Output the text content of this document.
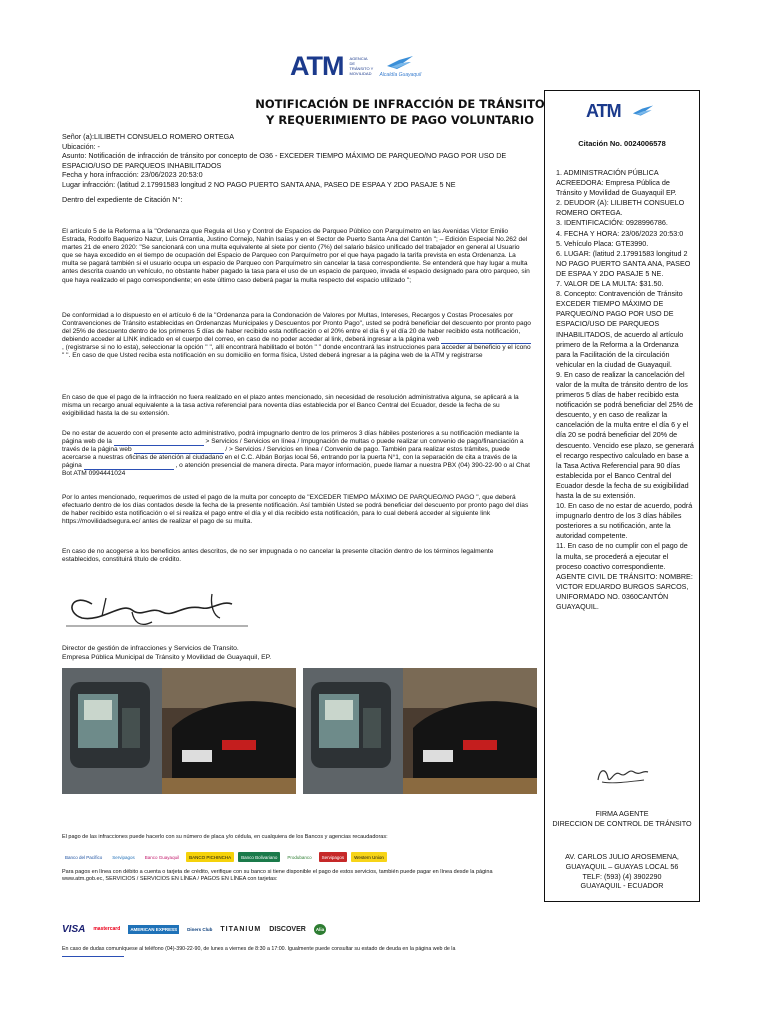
ATM AGENCIA DE TRÁNSITO Y MOVILIDAD	Alcaldía Guayaquil
NOTIFICACIÓN DE INFRACCIÓN DE TRÁNSITO
Y REQUERIMIENTO DE PAGO VOLUNTARIO
Señor (a):LILIBETH CONSUELO ROMERO ORTEGA
Ubicación: -
Asunto: Notificación de infracción de tránsito por concepto de O36 - EXCEDER TIEMPO MÁXIMO DE PARQUEO/NO PAGO POR USO DE ESPACIO/USO DE PARQUEOS INHABILITADOS
Fecha y hora infracción: 23/06/2023 20:53:0
Lugar infracción: (latitud 2.17991583 longitud 2 NO PAGO PUERTO SANTA ANA, PASEO DE ESPAA Y 2DO PASAJE 5 NE
Dentro del expediente de Citación N°:
El artículo 5 de la Reforma a la "Ordenanza que Regula el Uso y Control de Espacios de Parqueo Público con Parquímetro en las Avenidas Víctor Emilio Estrada, Rodolfo Baquerizo Nazur, Luis Orrantia, Justino Cornejo, Nahín Isaías y en el Sector de Puerto Santa Ana del Cantón "; – Edición Especial No.262 del martes 21 de enero 2020: "Se sancionará con una multa equivalente al siete por ciento (7%) del salario básico unificado del trabajador en general al Usuario que se haya excedido en el tiempo de ocupación del Espacio de Parqueo con Parquímetro por el que haya pagado la tarifa prevista en esta Ordenanza. La multa se pagará también si el usuario ocupa un espacio de Parqueo con Parquímetro sin cancelar la tasa correspondiente. Se entenderá que hay lugar a multa antes descrita cuando un vehículo, no obstante haber pagado la tasa para el uso de un espacio de parqueo, invada el espacio designado para otro parqueo, sin que haya realizado el pago correspondiente; en este último caso deberá pagar la multa respecto del espacio utilizado ";
De conformidad a lo dispuesto en el artículo 6 de la "Ordenanza para la Condonación de Valores por Multas, Intereses, Recargos y Costas Procesales por Contravenciones de Tránsito establecidas en Ordenanzas Municipales y Descuentos por Pronto Pago", usted se podrá beneficiar del descuento por pronto pago del 25% de descuento dentro de los primeros 5 días de haber recibido esta notificación o el 20% entre el día 6 y el día 20 de haber recibido esta notificación, debiendo acceder al LINK indicado en el cuerpo del correo, en caso de no poder acceder al link, deberá ingresar a la página web  , (registrarse si no lo esta), seleccionar la opción " ", allí encontrará habilitado el botón " " donde encontrará las instrucciones para acceder al beneficio y el ícono " ". En caso de que Usted reciba esta notificación en su domicilio en forma física, Usted deberá ingresar a la página web de la ATM y registrarse
En caso de que el pago de la infracción no fuera realizado en el plazo antes mencionado, sin necesidad de resolución administrativa alguna, se aplicará a la misma un recargo anual equivalente a la tasa activa referencial para noventa días establecida por el Banco Central del Ecuador, desde la fecha de su exigibilidad hasta la de su extensión.
De no estar de acuerdo con el presente acto administrativo, podrá impugnarlo dentro de los primeros 3 días hábiles posteriores a su notificación mediante la página web de la	> Servicios / Servicios en línea / Impugnación de multas o puede realizar un convenio de pago/financiación a través de la página web	/ > Servicios / Servicios en línea / Convenio de pago. También para realizar estos trámites, puede acercarse a nuestras oficinas de atención al ciudadano en el C.C. Albán Borjas local 56, entrando por la puerta N°1, con la separación de cita a través de la página	, o atención presencial de manera directa. Para mayor información, puede llamar a nuestra PBX (04) 390-22-90 o al Chat Bot ATM 0994441024
Por lo antes mencionado, requerimos de usted el pago de la multa por concepto de "EXCEDER TIEMPO MÁXIMO DE PARQUEO/NO PAGO ", que deberá efectuarlo dentro de los días contados desde la fecha de la presente notificación. Así también Usted se podrá beneficiar del descuento por pronto pago del días de haber recibido esta notificación o el si realiza el pago entre el día y el día recibido esta notificación, para lo cual deberá acceder al siguiente link https://movilidadsegura.ec/ antes de realizar el pago de su multa.
En caso de no acogerse a los beneficios antes descritos, de no ser impugnada o no cancelar la presente citación dentro de los términos legalmente establecidos, constituirá título de crédito.
Director de gestión de infracciones y Servicios de Transito.
Empresa Pública Municipal de Tránsito y Movilidad de Guayaquil, EP.
El pago de las infracciones puede hacerlo con su número de placa y/o cédula, en cualquiera de los Bancos y agencias recaudadoras:
Banco del Pacífico	Servipagos	Banco Guayaquil	BANCO PICHINCHA	Banco Bolivariano	Produbanco	Servipagos	Western Union
Para pagos en línea con débito a cuenta o tarjeta de crédito, verifique con su banco si tiene disponible el pago de estos servicios, también puede pagar en línea desde la página www.atm.gob.ec, SERVICIOS / SERVICIOS EN LÍNEA / PAGOS EN LÍNEA con tarjetas:
VISA mastercard	AMERICAN EXPRESS	Diners Club TITANIUM DISCOVER	Alia
En caso de dudas comuníquese al teléfono (04)-390-22-90, de lunes a viernes de 8:30 a 17:00. Igualmente puede consultar su estado de deuda en la página web de la
ATM
Citación No. 0024006578
1. ADMINISTRACIÓN PÚBLICA ACREEDORA: Empresa Pública de Tránsito y Movilidad de Guayaquil EP.
2. DEUDOR (A): LILIBETH CONSUELO ROMERO ORTEGA.
3. IDENTIFICACIÓN: 0928996786.
4. FECHA Y HORA: 23/06/2023 20:53:0
5. Vehículo Placa: GTE3990.
6. LUGAR: (latitud 2.17991583 longitud 2 NO PAGO PUERTO SANTA ANA, PASEO DE ESPAA Y 2DO PASAJE 5 NE.
7. VALOR DE LA MULTA: $31.50.
8. Concepto: Contravención de Tránsito EXCEDER TIEMPO MÁXIMO DE PARQUEO/NO PAGO POR USO DE ESPACIO/USO DE PARQUEOS INHABILITADOS, de acuerdo al artículo primero de la Reforma a la Ordenanza para la Facilitación de la circulación vehicular en la ciudad de Guayaquil.
9. En caso de realizar la cancelación del valor de la multa de tránsito dentro de los primeros 5 días de haber recibido esta notificación se podrá beneficiar del 25% de descuento, y en caso de realizar la cancelación de la multa entre el día 6 y el día 20 se podrá beneficiar del 20% de descuento. Vencido ese plazo, se generará el recargo respectivo calculado en base a la Tasa Activa Referencial para 90 días establecida por el Banco Central del Ecuador desde la fecha de su exigibilidad hasta la de su extensión.
10. En caso de no estar de acuerdo, podrá impugnarlo dentro de los 3 días hábiles posteriores a su notificación, ante la autoridad competente.
11. En caso de no cumplir con el pago de la multa, se procederá a ejecutar el proceso coactivo correspondiente.
AGENTE CIVIL DE TRÁNSITO: NOMBRE: VICTOR EDUARDO BURGOS SARCOS, UNIFORMADO NO. 0360CANTÓN GUAYAQUIL.
FIRMA AGENTE
DIRECCION DE CONTROL DE TRÁNSITO
AV. CARLOS JULIO AROSEMENA, GUAYAQUIL – GUAYAS LOCAL 56
TELF: (593) (4) 3902290
GUAYAQUIL - ECUADOR
